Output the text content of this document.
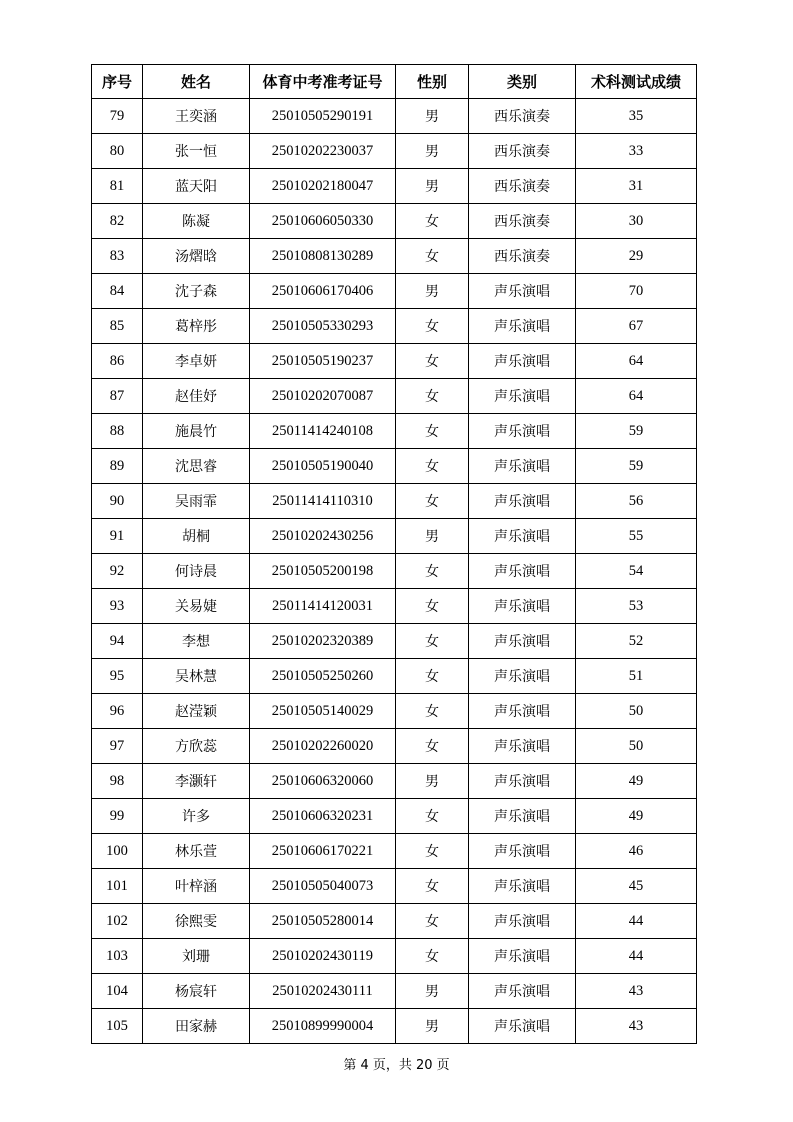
序号	姓名	体育中考准考证号	性别	类别	术科测试成绩
79	王奕涵	25010505290191	男	西乐演奏	35
80	张一恒	25010202230037	男	西乐演奏	33
81	蓝天阳	25010202180047	男	西乐演奏	31
82	陈凝	25010606050330	女	西乐演奏	30
83	汤熠晗	25010808130289	女	西乐演奏	29
84	沈子森	25010606170406	男	声乐演唱	70
85	葛梓彤	25010505330293	女	声乐演唱	67
86	李卓妍	25010505190237	女	声乐演唱	64
87	赵佳妤	25010202070087	女	声乐演唱	64
88	施晨竹	25011414240108	女	声乐演唱	59
89	沈思睿	25010505190040	女	声乐演唱	59
90	吴雨霏	25011414110310	女	声乐演唱	56
91	胡桐	25010202430256	男	声乐演唱	55
92	何诗晨	25010505200198	女	声乐演唱	54
93	关易婕	25011414120031	女	声乐演唱	53
94	李想	25010202320389	女	声乐演唱	52
95	吴林慧	25010505250260	女	声乐演唱	51
96	赵滢颖	25010505140029	女	声乐演唱	50
97	方欣蕊	25010202260020	女	声乐演唱	50
98	李灏轩	25010606320060	男	声乐演唱	49
99	许多	25010606320231	女	声乐演唱	49
100	林乐萱	25010606170221	女	声乐演唱	46
101	叶梓涵	25010505040073	女	声乐演唱	45
102	徐熙雯	25010505280014	女	声乐演唱	44
103	刘珊	25010202430119	女	声乐演唱	44
104	杨宸轩	25010202430111	男	声乐演唱	43
105	田家赫	25010899990004	男	声乐演唱	43
第 4 页，共 20 页
